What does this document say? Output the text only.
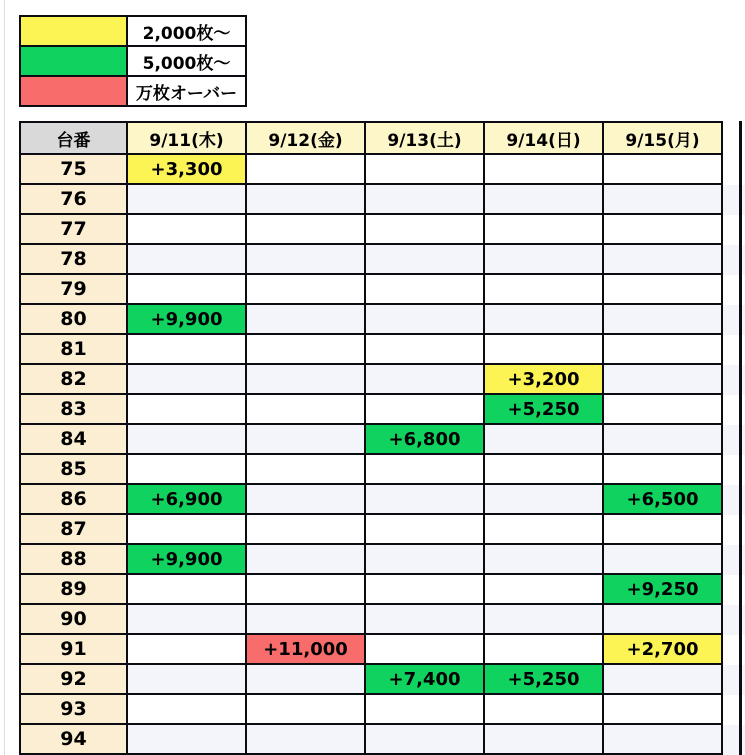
	2,000枚～
	5,000枚～
	万枚オーバー
台番	9/11(木)	9/12(金)	9/13(土)	9/14(日)	9/15(月)
75	+3,300				
76					
77					
78					
79					
80	+9,900				
81					
82				+3,200	
83				+5,250	
84			+6,800		
85					
86	+6,900				+6,500
87					
88	+9,900				
89					+9,250
90					
91		+11,000			+2,700
92			+7,400	+5,250	
93					
94					
